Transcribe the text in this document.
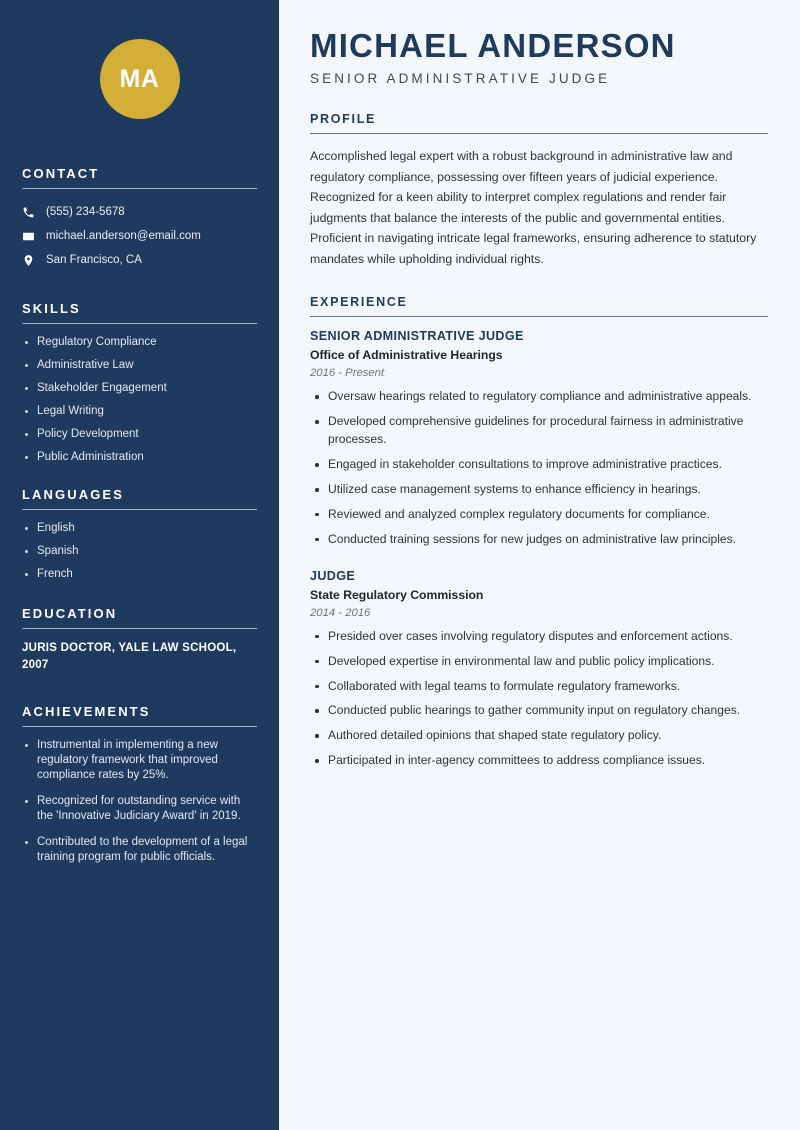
MA
CONTACT
(555) 234-5678
michael.anderson@email.com
San Francisco, CA
SKILLS
Regulatory Compliance
Administrative Law
Stakeholder Engagement
Legal Writing
Policy Development
Public Administration
LANGUAGES
English
Spanish
French
EDUCATION
JURIS DOCTOR, YALE LAW SCHOOL, 2007
ACHIEVEMENTS
Instrumental in implementing a new regulatory framework that improved compliance rates by 25%.
Recognized for outstanding service with the 'Innovative Judiciary Award' in 2019.
Contributed to the development of a legal training program for public officials.
MICHAEL ANDERSON
SENIOR ADMINISTRATIVE JUDGE
PROFILE

Accomplished legal expert with a robust background in administrative law and regulatory compliance, possessing over fifteen years of judicial experience. Recognized for a keen ability to interpret complex regulations and render fair judgments that balance the interests of the public and governmental entities. Proficient in navigating intricate legal frameworks, ensuring adherence to statutory mandates while upholding individual rights.

EXPERIENCE
SENIOR ADMINISTRATIVE JUDGE
Office of Administrative Hearings
2016 - Present
Oversaw hearings related to regulatory compliance and administrative appeals.
Developed comprehensive guidelines for procedural fairness in administrative processes.
Engaged in stakeholder consultations to improve administrative practices.
Utilized case management systems to enhance efficiency in hearings.
Reviewed and analyzed complex regulatory documents for compliance.
Conducted training sessions for new judges on administrative law principles.
JUDGE
State Regulatory Commission
2014 - 2016
Presided over cases involving regulatory disputes and enforcement actions.
Developed expertise in environmental law and public policy implications.
Collaborated with legal teams to formulate regulatory frameworks.
Conducted public hearings to gather community input on regulatory changes.
Authored detailed opinions that shaped state regulatory policy.
Participated in inter-agency committees to address compliance issues.
